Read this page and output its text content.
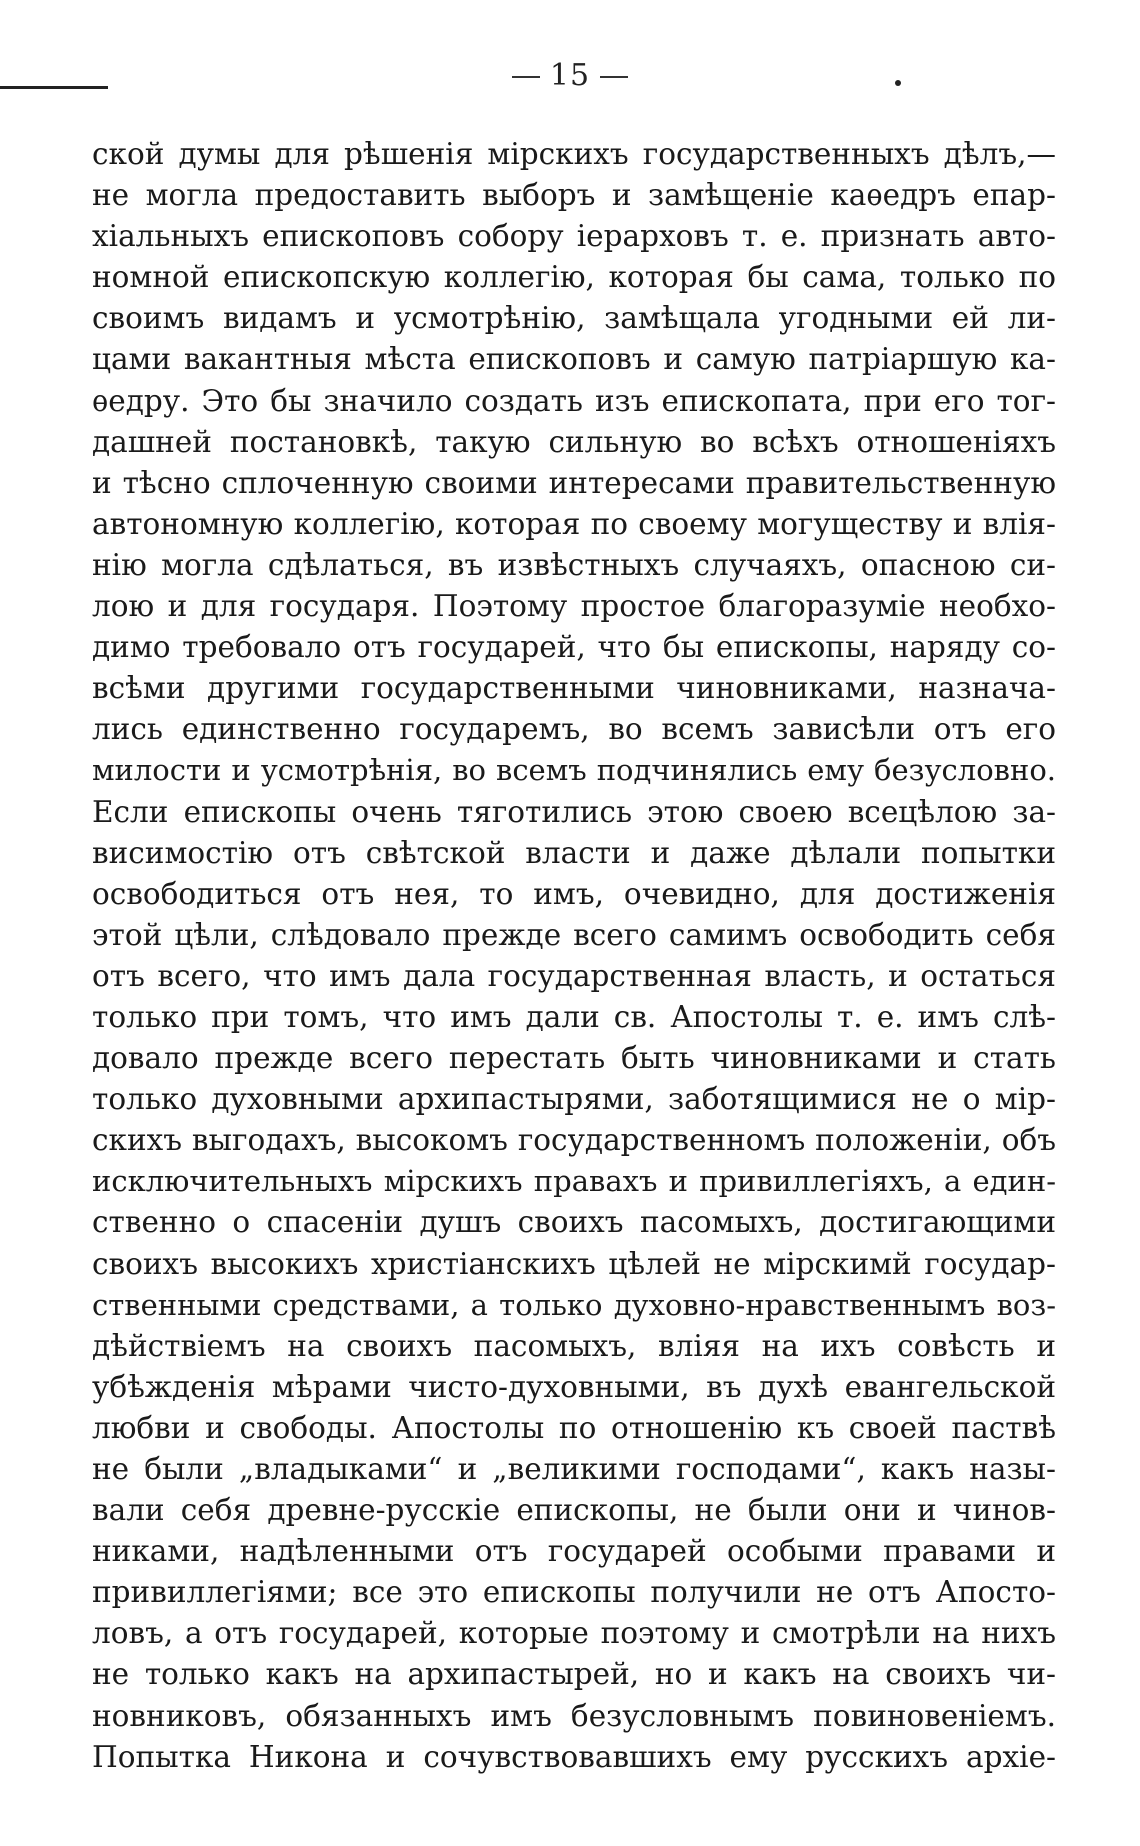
15
ской думы для рѣшенія мірскихъ государственныхъ дѣлъ,—
не могла предоставить выборъ и замѣщеніе каѳедръ епар-
хіальныхъ епископовъ собору іерарховъ т. е. признать авто-
номной епископскую коллегію, которая бы сама, только по
своимъ видамъ и усмотрѣнію, замѣщала угодными ей ли-
цами вакантныя мѣста епископовъ и самую патріаршую ка-
ѳедру. Это бы значило создать изъ епископата, при его тог-
дашней постановкѣ, такую сильную во всѣхъ отношеніяхъ
и тѣсно сплоченную своими интересами правительственную
автономную коллегію, которая по своему могуществу и влія-
нію могла сдѣлаться, въ извѣстныхъ случаяхъ, опасною си-
лою и для государя. Поэтому простое благоразуміе необхо-
димо требовало отъ государей, что бы епископы, наряду со-
всѣми другими государственными чиновниками, назнача-
лись единственно государемъ, во всемъ зависѣли отъ его
милости и усмотрѣнія, во всемъ подчинялись ему безусловно.
Если епископы очень тяготились этою своею всецѣлою за-
висимостію отъ свѣтской власти и даже дѣлали попытки
освободиться отъ нея, то имъ, очевидно, для достиженія
этой цѣли, слѣдовало прежде всего самимъ освободить себя
отъ всего, что имъ дала государственная власть, и остаться
только при томъ, что имъ дали св. Апостолы т. е. имъ слѣ-
довало прежде всего перестать быть чиновниками и стать
только духовными архипастырями, заботящимися не о мір-
скихъ выгодахъ, высокомъ государственномъ положеніи, объ
исключительныхъ мірскихъ правахъ и привиллегіяхъ, а един-
ственно о спасеніи душъ своихъ пасомыхъ, достигающими
своихъ высокихъ христіанскихъ цѣлей не мірскимй государ-
ственными средствами, а только духовно-нравственнымъ воз-
дѣйствіемъ на своихъ пасомыхъ, вліяя на ихъ совѣсть и
убѣжденія мѣрами чисто-духовными, въ духѣ евангельской
любви и свободы. Апостолы по отношенію къ своей паствѣ
не были „владыками“ и „великими господами“, какъ назы-
вали себя древне-русскіе епископы, не были они и чинов-
никами, надѣленными отъ государей особыми правами и
привиллегіями; все это епископы получили не отъ Апосто-
ловъ, а отъ государей, которые поэтому и смотрѣли на нихъ
не только какъ на архипастырей, но и какъ на своихъ чи-
новниковъ, обязанныхъ имъ безусловнымъ повиновеніемъ.
Попытка Никона и сочувствовавшихъ ему русскихъ архіе-
